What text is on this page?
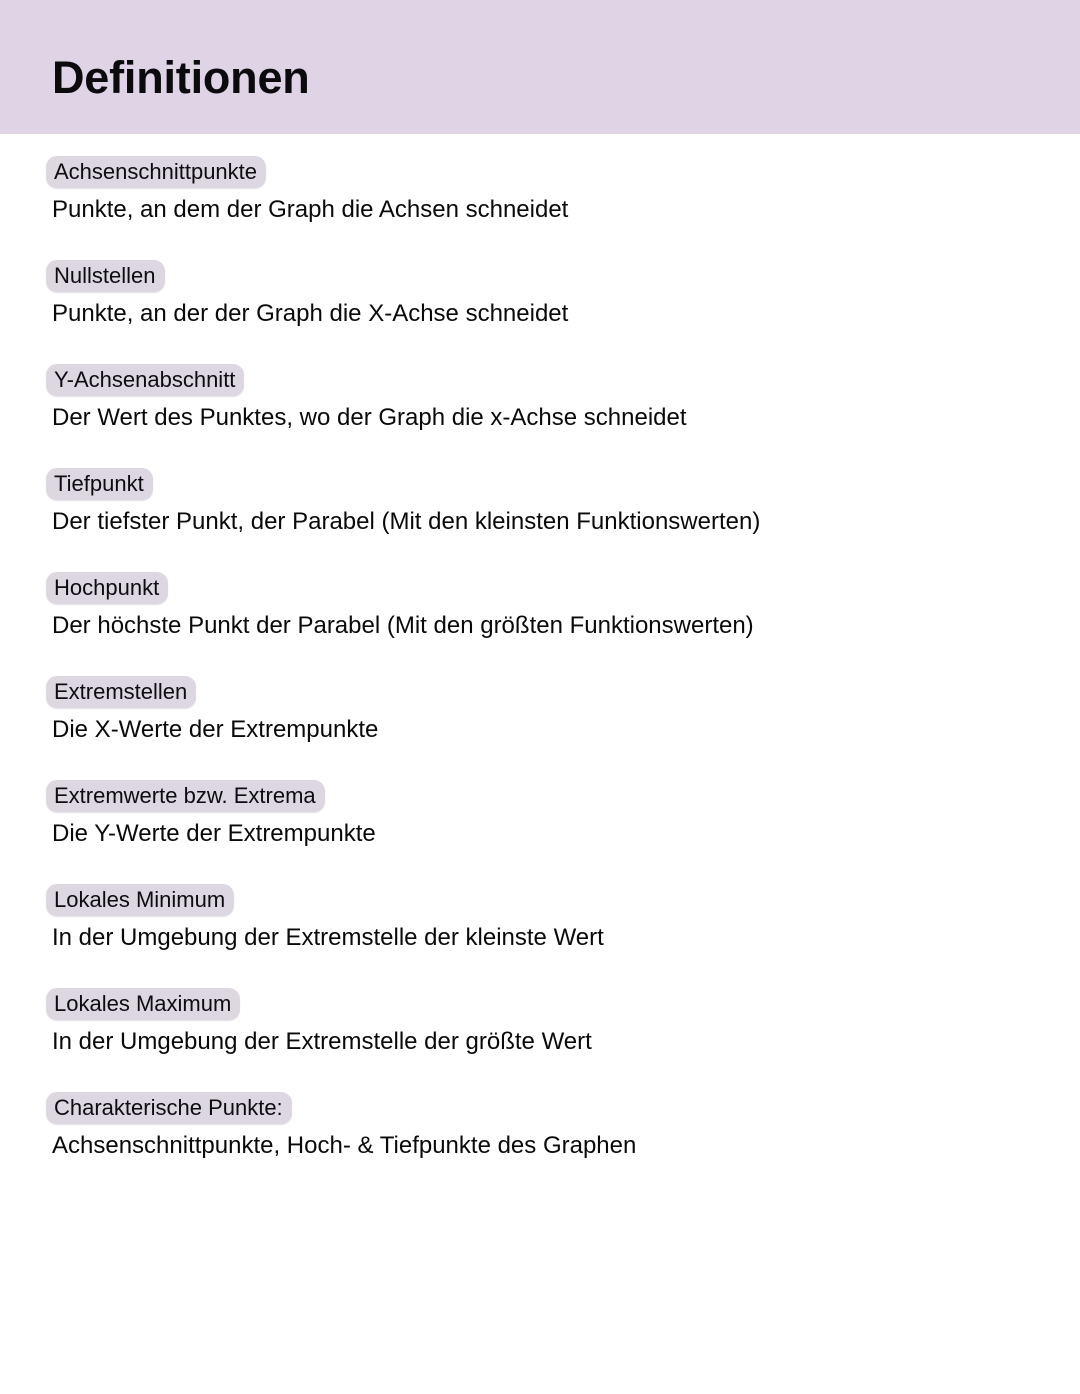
Definitionen
Achsenschnittpunkte

Punkte, an dem der Graph die Achsen schneidet

Nullstellen

Punkte, an der der Graph die X-Achse schneidet

Y-Achsenabschnitt

Der Wert des Punktes, wo der Graph die x-Achse schneidet

Tiefpunkt

Der tiefster Punkt, der Parabel (Mit den kleinsten Funktionswerten)

Hochpunkt

Der höchste Punkt der Parabel (Mit den größten Funktionswerten)

Extremstellen

Die X-Werte der Extrempunkte

Extremwerte bzw. Extrema

Die Y-Werte der Extrempunkte

Lokales Minimum

In der Umgebung der Extremstelle der kleinste Wert

Lokales Maximum

In der Umgebung der Extremstelle der größte Wert

Charakterische Punkte:

Achsenschnittpunkte, Hoch- & Tiefpunkte des Graphen
